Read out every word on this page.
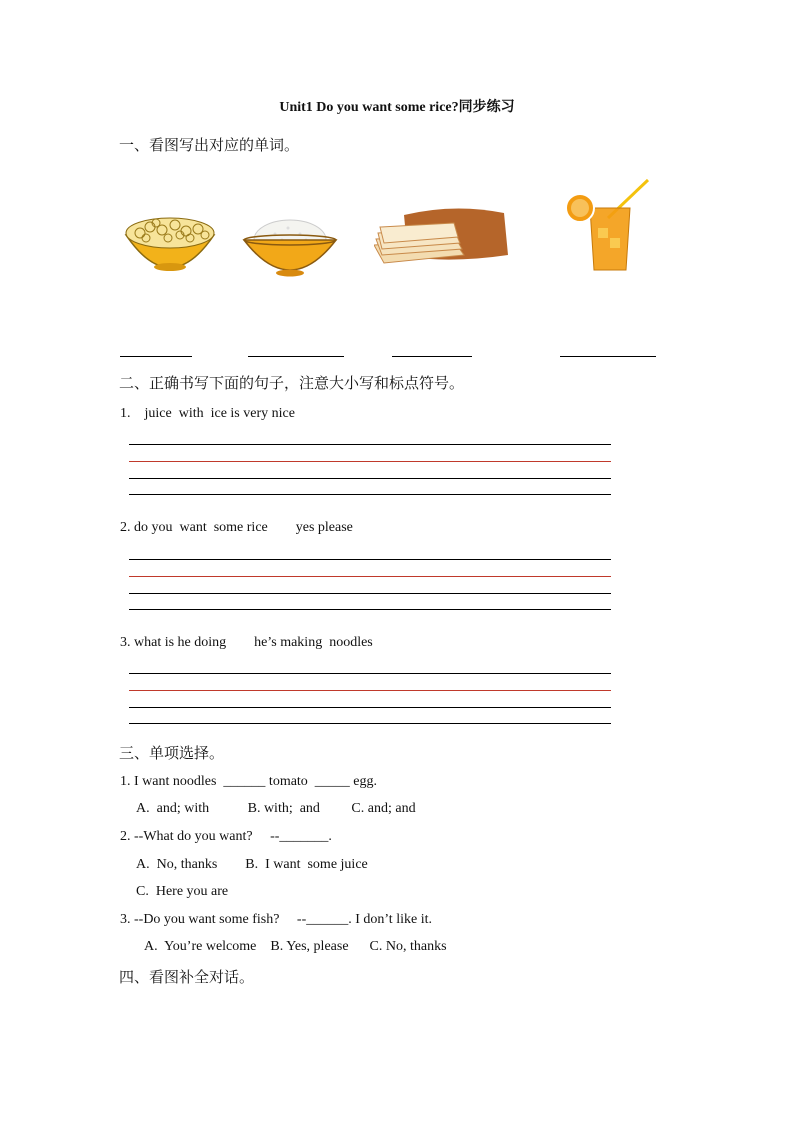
Unit1 Do you want some rice?同步练习
一、看图写出对应的单词。
二、正确书写下面的句子，注意大小写和标点符号。
1.    juice  with  ice is very nice
2. do you  want  some rice        yes please
3. what is he doing        he’s making  noodles
三、单项选择。
1. I want noodles  ______ tomato  _____ egg.
A.  and; with           B. with;  and         C. and; and
2. --What do you want?     --_______.
A.  No, thanks        B.  I want  some juice
C.  Here you are
3. --Do you want some fish?     --______. I don’t like it.
A.  You’re welcome    B. Yes, please      C. No, thanks
四、看图补全对话。
